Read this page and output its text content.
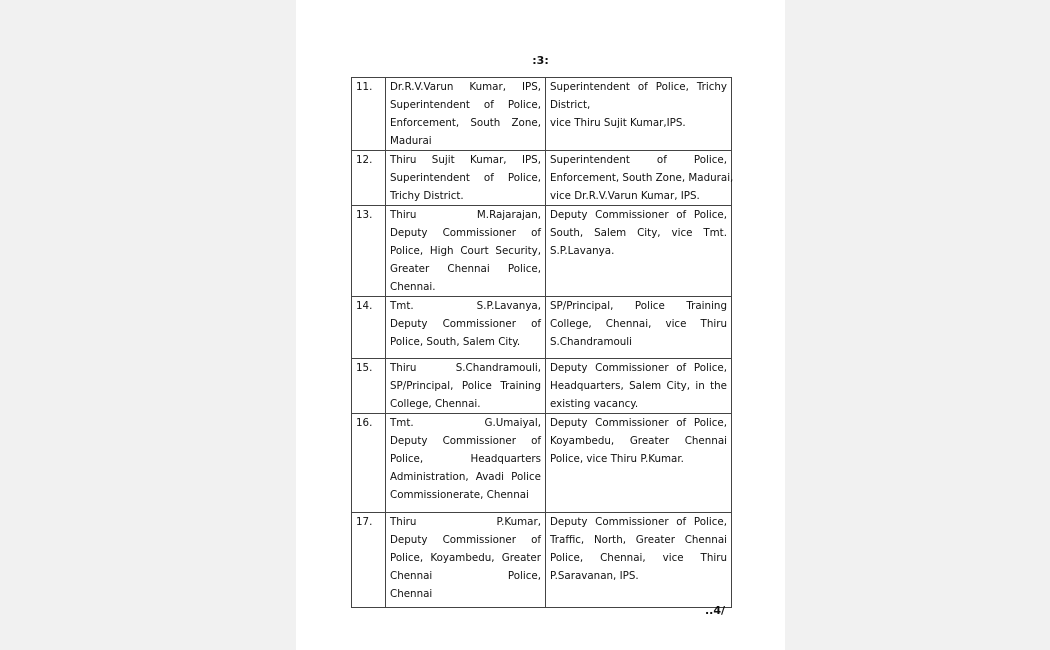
:3:
11.	Dr.R.V.Varun Kumar, IPS,
Superintendent of Police,
Enforcement, South Zone,
Madurai	Superintendent of Police, Trichy
District,
vice Thiru Sujit Kumar,IPS.

12.	Thiru Sujit Kumar, IPS,
Superintendent of Police,
Trichy District.	Superintendent of Police,
Enforcement, South Zone, Madurai,
vice Dr.R.V.Varun Kumar, IPS.

13.	Thiru M.Rajarajan,
Deputy Commissioner of
Police, High Court Security,
Greater Chennai Police,
Chennai.	Deputy Commissioner of Police,
South, Salem City, vice Tmt.
S.P.Lavanya.

14.	Tmt. S.P.Lavanya,
Deputy Commissioner of
Police, South, Salem City.	SP/Principal, Police Training
College, Chennai, vice Thiru
S.Chandramouli

15.	Thiru S.Chandramouli,
SP/Principal, Police Training
College, Chennai.	Deputy Commissioner of Police,
Headquarters, Salem City, in the
existing vacancy.

16.	Tmt. G.Umaiyal,
Deputy Commissioner of
Police, Headquarters
Administration, Avadi Police
Commissionerate, Chennai	Deputy Commissioner of Police,
Koyambedu, Greater Chennai
Police, vice Thiru P.Kumar.

17.	Thiru P.Kumar,
Deputy Commissioner of
Police, Koyambedu, Greater
Chennai Police,
Chennai	Deputy Commissioner of Police,
Traffic, North, Greater Chennai
Police, Chennai, vice Thiru
P.Saravanan, IPS.
..4/
